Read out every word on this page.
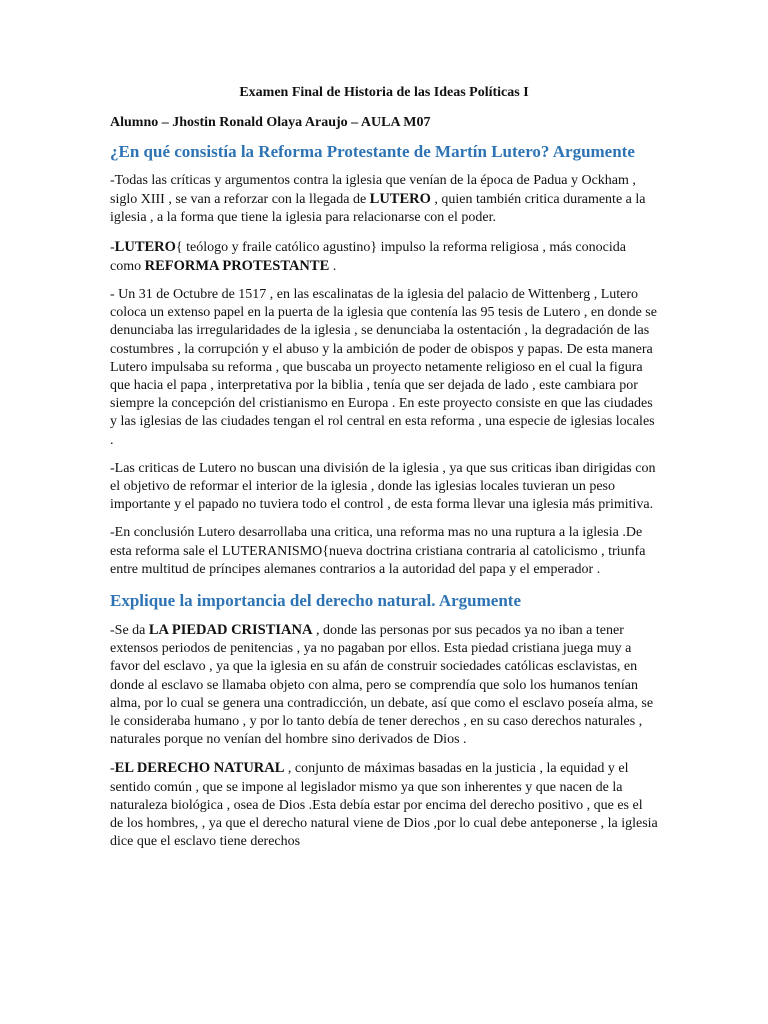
Examen Final de Historia de las Ideas Políticas I
Alumno – Jhostin Ronald Olaya Araujo – AULA M07
¿En qué consistía la Reforma Protestante de Martín Lutero? Argumente

-Todas las críticas y argumentos contra la iglesia que venían de la época de Padua y Ockham , siglo XIII , se van a reforzar con la llegada de LUTERO , quien también critica duramente a la iglesia , a la forma que tiene la iglesia para relacionarse con el poder.

-LUTERO{ teólogo y fraile católico agustino} impulso la reforma religiosa , más conocida como REFORMA PROTESTANTE .

- Un 31 de Octubre de 1517 , en las escalinatas de la iglesia del palacio de Wittenberg , Lutero coloca un extenso papel en la puerta de la iglesia que contenía las 95 tesis de Lutero , en donde se denunciaba las irregularidades de la iglesia , se denunciaba la ostentación , la degradación de las costumbres , la corrupción y el abuso y la ambición de poder de obispos y papas. De esta manera Lutero impulsaba su reforma , que buscaba un proyecto netamente religioso en el cual la figura que hacia el papa , interpretativa por la biblia , tenía que ser dejada de lado , este cambiara por siempre la concepción del cristianismo en Europa . En este proyecto consiste en que las ciudades y las iglesias de las ciudades tengan el rol central en esta reforma , una especie de iglesias locales .

-Las criticas de Lutero no buscan una división de la iglesia , ya que sus criticas iban dirigidas con el objetivo de reformar el interior de la iglesia , donde las iglesias locales tuvieran un peso importante y el papado no tuviera todo el control , de esta forma llevar una iglesia más primitiva.

-En conclusión Lutero desarrollaba una critica, una reforma mas no una ruptura a la iglesia .De esta reforma sale el LUTERANISMO{nueva doctrina cristiana contraria al catolicismo , triunfa entre multitud de príncipes alemanes contrarios a la autoridad del papa y el emperador .

Explique la importancia del derecho natural. Argumente

-Se da LA PIEDAD CRISTIANA , donde las personas por sus pecados ya no iban a tener extensos periodos de penitencias , ya no pagaban por ellos. Esta piedad cristiana juega muy a favor del esclavo , ya que la iglesia en su afán de construir sociedades católicas esclavistas, en donde al esclavo se llamaba objeto con alma, pero se comprendía que solo los humanos tenían alma, por lo cual se genera una contradicción, un debate, así que como el esclavo poseía alma, se le consideraba humano , y por lo tanto debía de tener derechos , en su caso derechos naturales , naturales porque no venían del hombre sino derivados de Dios .

-EL DERECHO NATURAL , conjunto de máximas basadas en la justicia , la equidad y el sentido común , que se impone al legislador mismo ya que son inherentes y que nacen de la naturaleza biológica , osea de Dios .Esta debía estar por encima del derecho positivo , que es el de los hombres, , ya que el derecho natural viene de Dios ,por lo cual debe anteponerse , la iglesia dice que el esclavo tiene derechos
